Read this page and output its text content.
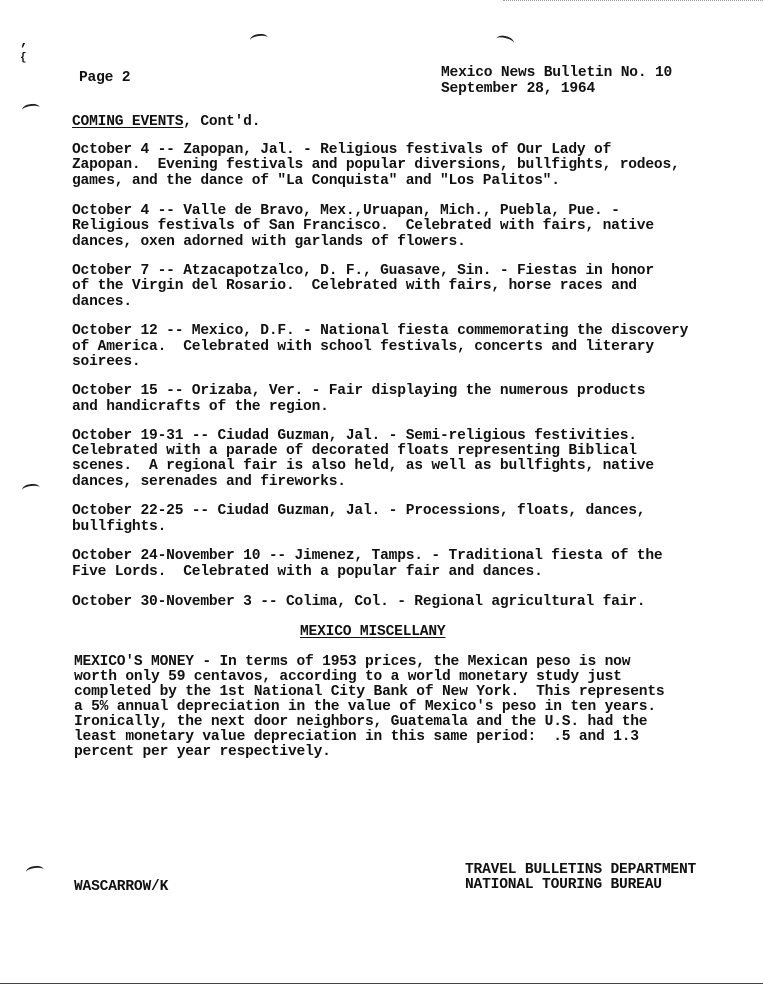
,
{
Page 2	Mexico News Bulletin No. 10
September 28, 1964
COMING EVENTS, Cont'd.
October 4 -- Zapopan, Jal. - Religious festivals of Our Lady of
Zapopan.  Evening festivals and popular diversions, bullfights, rodeos,
games, and the dance of "La Conquista" and "Los Palitos".
October 4 -- Valle de Bravo, Mex.,Uruapan, Mich., Puebla, Pue. -
Religious festivals of San Francisco.  Celebrated with fairs, native
dances, oxen adorned with garlands of flowers.
October 7 -- Atzacapotzalco, D. F., Guasave, Sin. - Fiestas in honor
of the Virgin del Rosario.  Celebrated with fairs, horse races and
dances.
October 12 -- Mexico, D.F. - National fiesta commemorating the discovery
of America.  Celebrated with school festivals, concerts and literary
soirees.
October 15 -- Orizaba, Ver. - Fair displaying the numerous products
and handicrafts of the region.
October 19-31 -- Ciudad Guzman, Jal. - Semi-religious festivities.
Celebrated with a parade of decorated floats representing Biblical
scenes.  A regional fair is also held, as well as bullfights, native
dances, serenades and fireworks.
October 22-25 -- Ciudad Guzman, Jal. - Processions, floats, dances,
bullfights.
October 24-November 10 -- Jimenez, Tamps. - Traditional fiesta of the
Five Lords.  Celebrated with a popular fair and dances.
October 30-November 3 -- Colima, Col. - Regional agricultural fair.
MEXICO MISCELLANY
MEXICO'S MONEY - In terms of 1953 prices, the Mexican peso is now
worth only 59 centavos, according to a world monetary study just
completed by the 1st National City Bank of New York.  This represents
a 5% annual depreciation in the value of Mexico's peso in ten years.
Ironically, the next door neighbors, Guatemala and the U.S. had the
least monetary value depreciation in this same period:  .5 and 1.3
percent per year respectively.
WASCARROW/K
TRAVEL BULLETINS DEPARTMENT
NATIONAL TOURING BUREAU
